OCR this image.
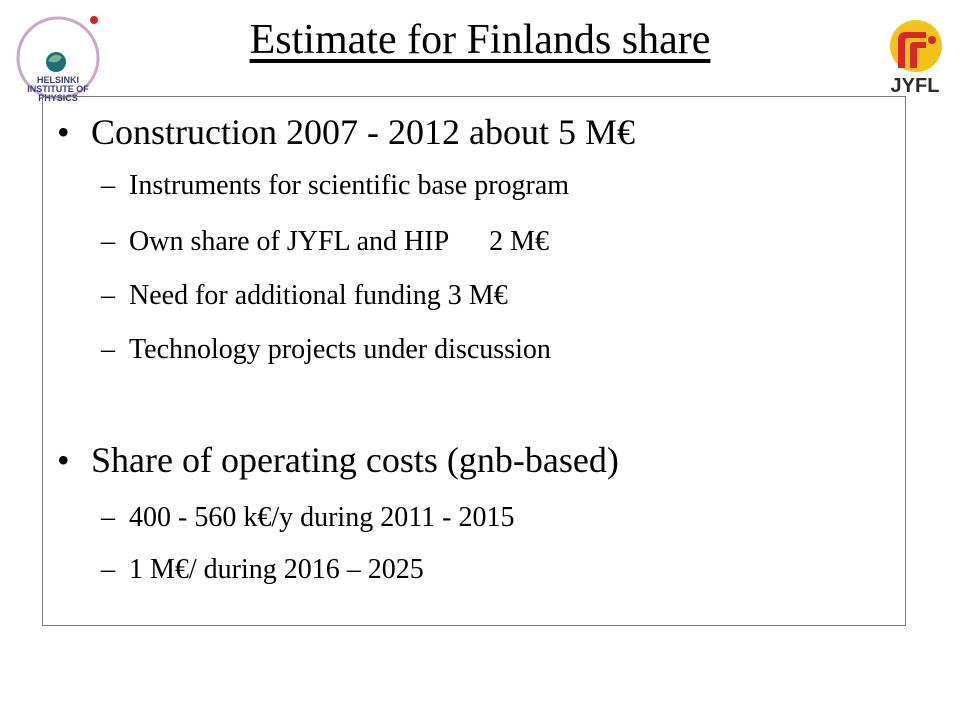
HELSINKI
INSTITUTE OF
PHYSICS
Estimate for Finlands share
JYFL
• Construction 2007 - 2012 about 5 M€
– Instruments for scientific base program
– Own share of JYFL and HIP 2 M€
– Need for additional funding 3 M€
– Technology projects under discussion
• Share of operating costs (gnb-based)
– 400 - 560 k€/y during 2011 - 2015
– 1 M€/ during 2016 – 2025
